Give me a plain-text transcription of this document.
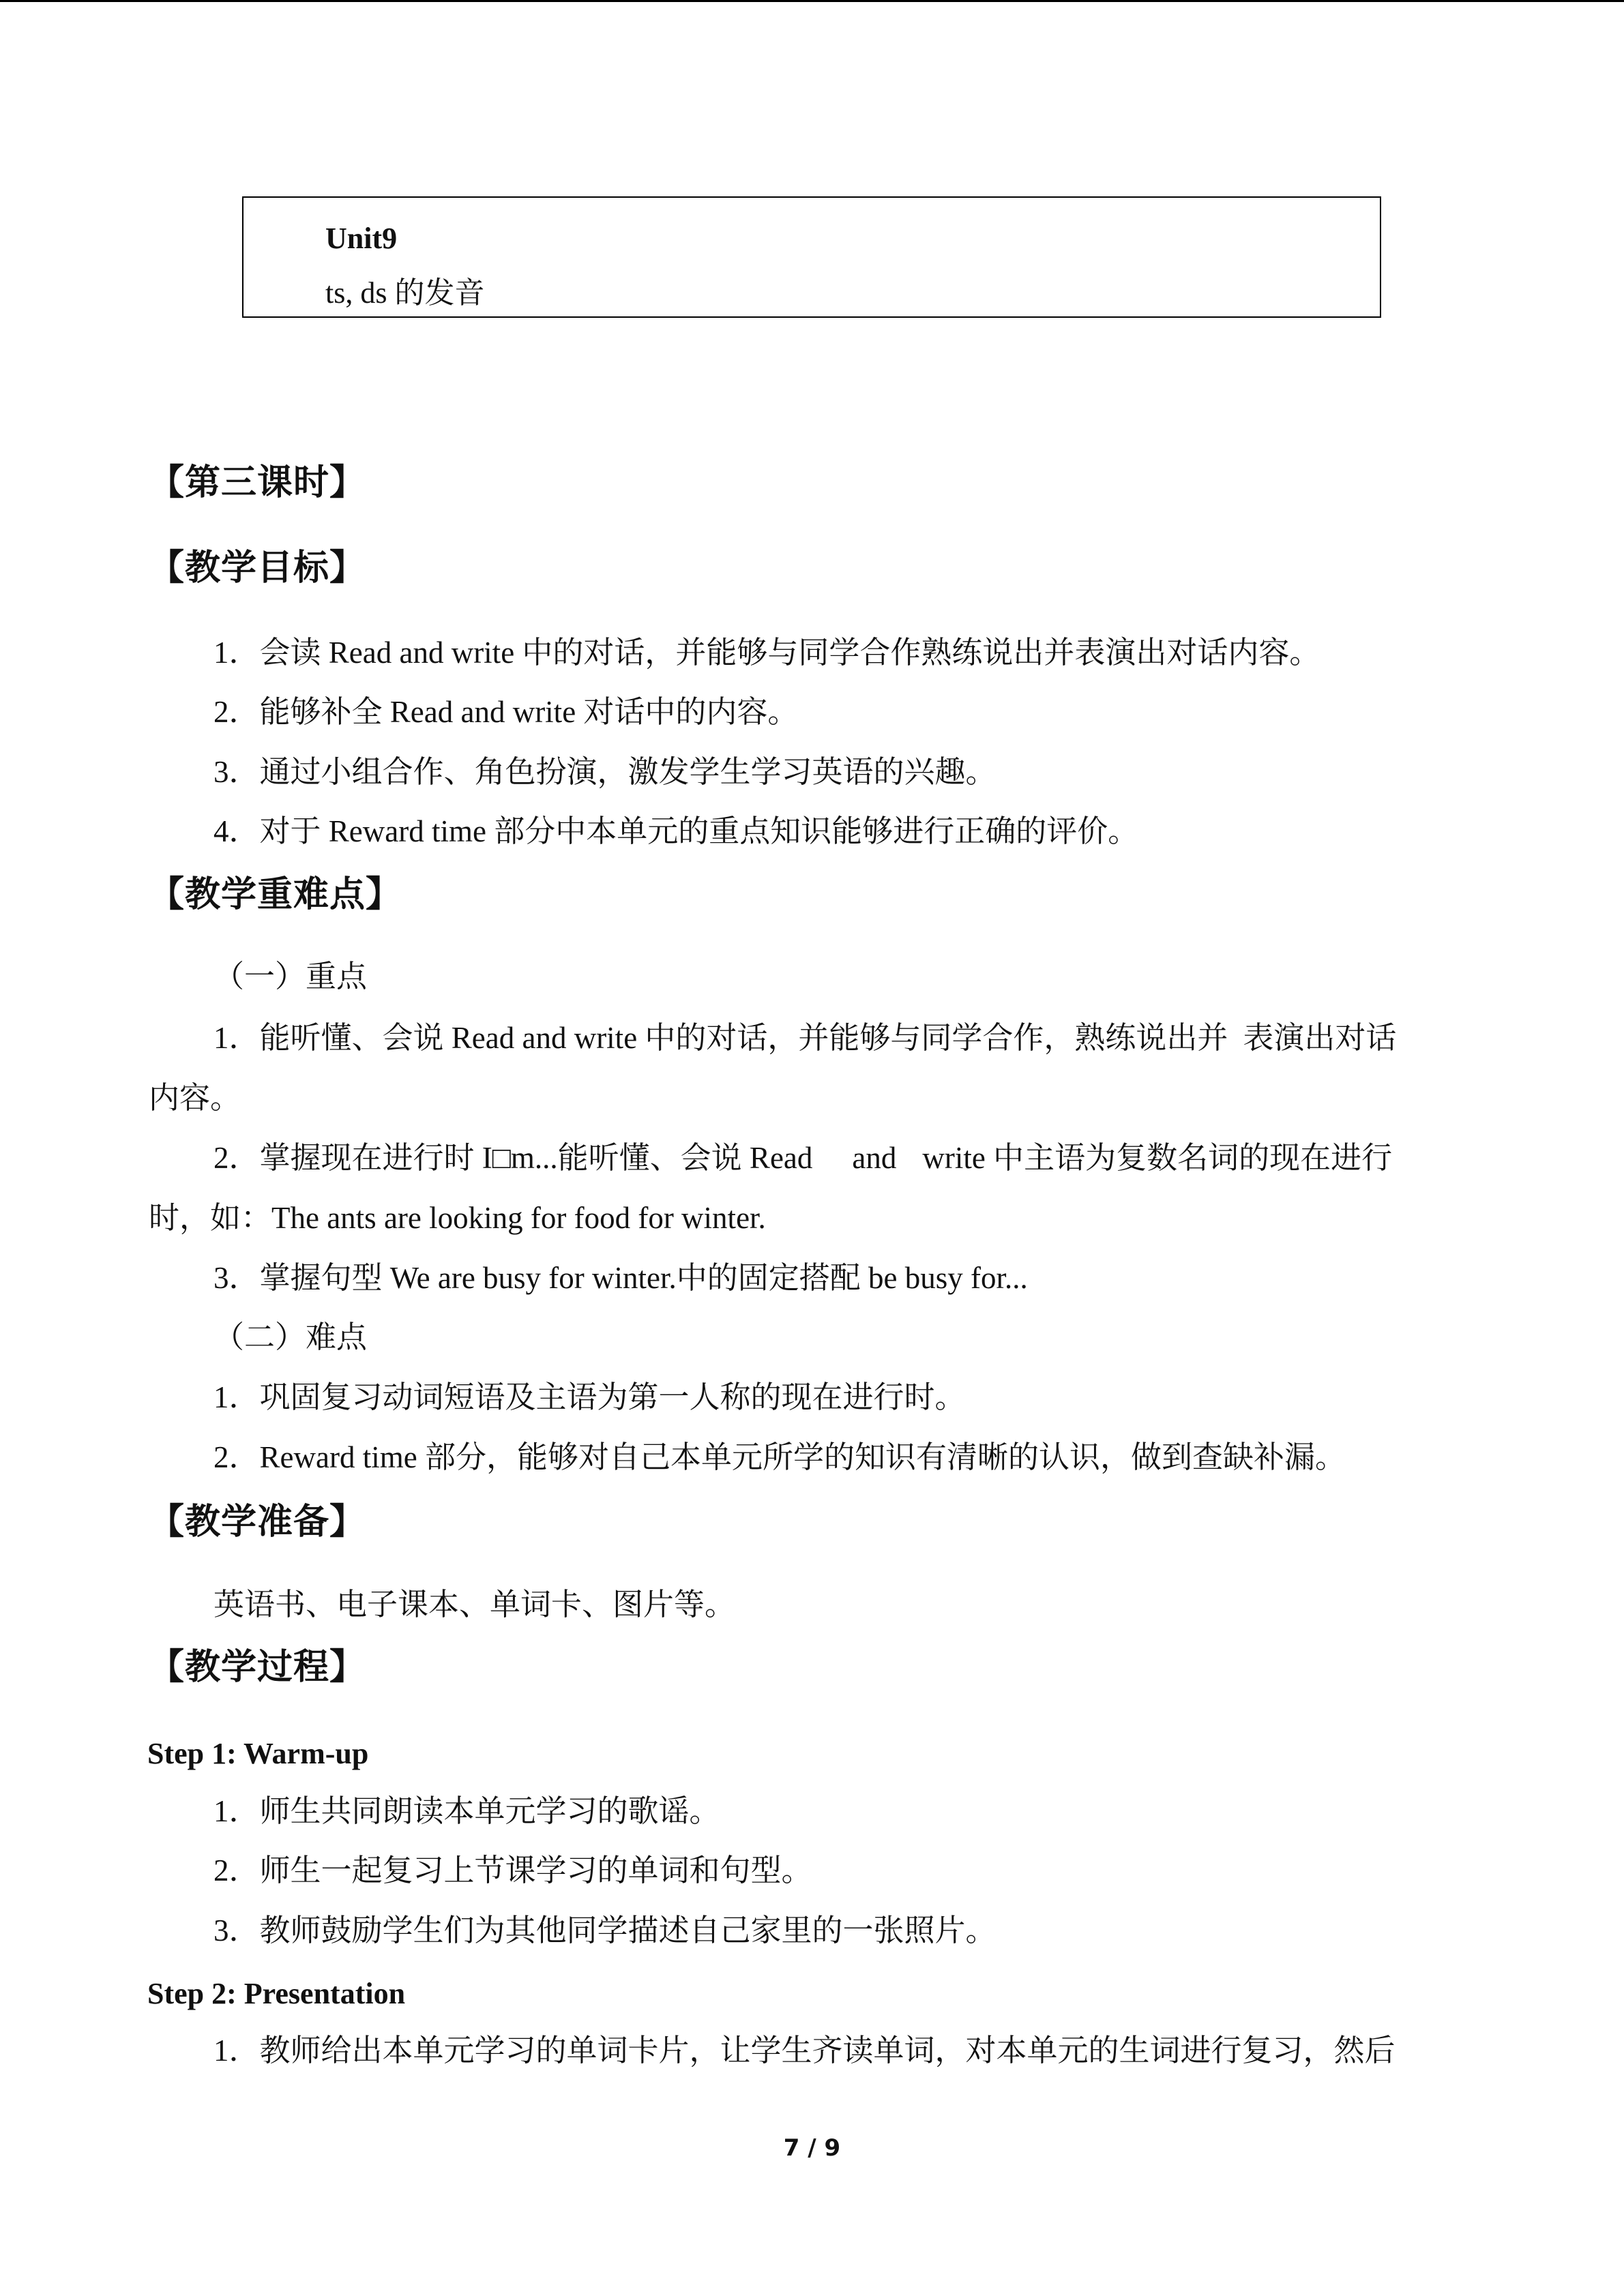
Unit9
ts, ds 的发音
【第三课时】
【教学目标】
1．会读 Read and write 中的对话，并能够与同学合作熟练说出并表演出对话内容。
2．能够补全 Read and write 对话中的内容。
3．通过小组合作、角色扮演，激发学生学习英语的兴趣。
4．对于 Reward time 部分中本单元的重点知识能够进行正确的评价。
【教学重难点】
（一）重点
1．能听懂、会说 Read and write 中的对话，并能够与同学合作，熟练说出并 表演出对话
内容。
2．掌握现在进行时 I□m...能听懂、会说 Read and write 中主语为复数名词的现在进行
时，如：The ants are looking for food for winter.
3．掌握句型 We are busy for winter.中的固定搭配 be busy for...
（二）难点
1．巩固复习动词短语及主语为第一人称的现在进行时。
2．Reward time 部分，能够对自己本单元所学的知识有清晰的认识，做到查缺补漏。
【教学准备】
英语书、电子课本、单词卡、图片等。
【教学过程】
Step 1: Warm-up
1．师生共同朗读本单元学习的歌谣。
2．师生一起复习上节课学习的单词和句型。
3．教师鼓励学生们为其他同学描述自己家里的一张照片。
Step 2: Presentation
1．教师给出本单元学习的单词卡片，让学生齐读单词，对本单元的生词进行复习，然后
7 / 9
